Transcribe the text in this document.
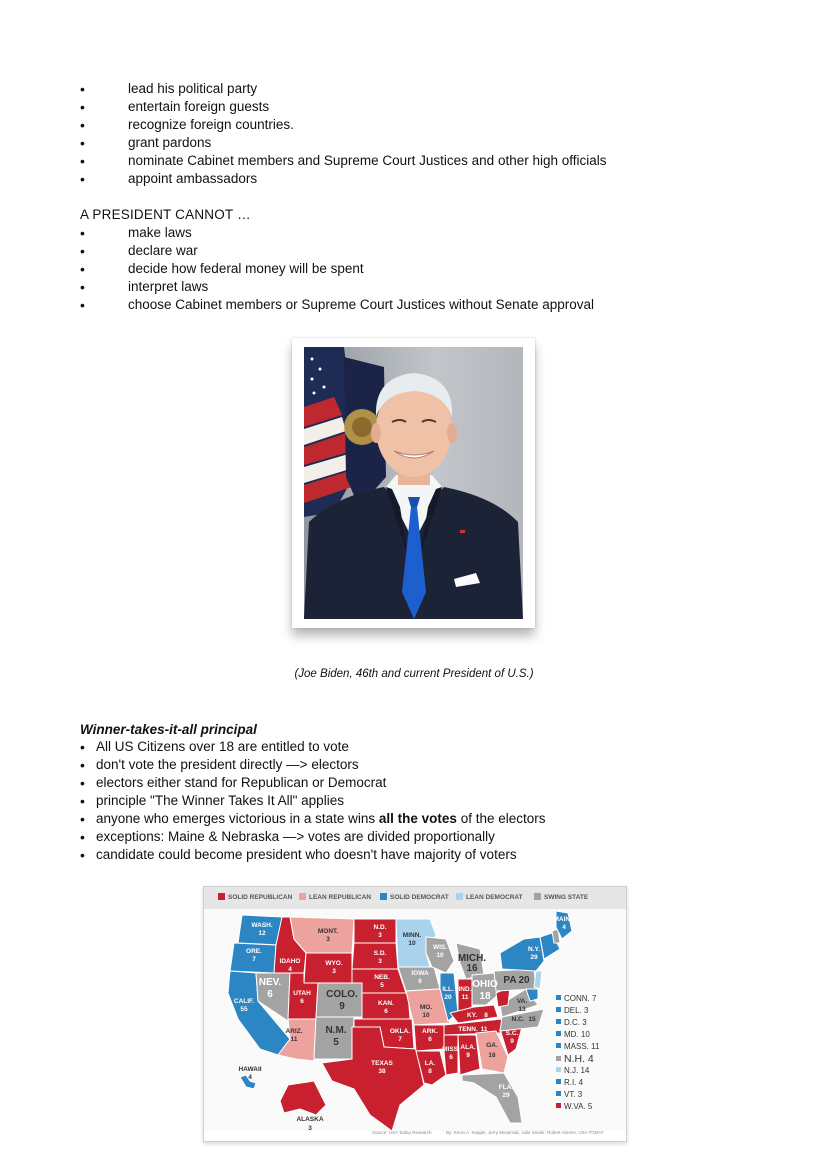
• lead his political party
• entertain foreign guests
• recognize foreign countries.
• grant pardons
• nominate Cabinet members and Supreme Court Justices and other high officials
• appoint ambassadors
A PRESIDENT CANNOT …
• make laws
• declare war
• decide how federal money will be spent
• interpret laws
• choose Cabinet members or Supreme Court Justices without Senate approval
(Joe Biden, 46th and current President of U.S.)
Winner-takes-it-all principal
• All US Citizens over 18 are entitled to vote
• don't vote the president directly —> electors
• electors either stand for Republican or Democrat
• principle "The Winner Takes It All" applies
• anyone who emerges victorious in a state wins all the votes of the electors
• exceptions: Maine & Nebraska —> votes are divided proportionally
• candidate could become president who doesn't have majority of voters
SOLID REPUBLICAN	LEAN REPUBLICAN	SOLID DEMOCRAT	LEAN DEMOCRAT	SWING STATE
WASH.
12
ORE.
7
CALIF.
55
IDAHO
4
NEV.
6
MONT.
3
WYO.
3
UTAH
6
COLO.
9
ARIZ.
11
N.M.
5
N.D.
3
S.D.
3
NEB.
5
KAN.
6
OKLA.
7
TEXAS
38
MINN.
10
IOWA
6
MO.
10
ARK.
6
LA.
8
WIS.
10
ILL.
20
MICH.
16
IND.
11
OHIO
18
KY. 8
TENN. 11
MISS.
6
ALA.
9
GA.
16
FLA.
29
S.C.
9
N.C. 15
VA.
13
PA 20
N.Y.
29
MAINE
4
HAWAII
4
ALASKA
3
CONN. 7
DEL. 3
D.C. 3
MD. 10
MASS. 11
N.H. 4
N.J. 14
R.I. 4
VT. 3
W.VA. 5
Source: USA Today Research	By: Kevin A. Kepple, Jerry Mosemak, Julie Snider, Robert Ahrens, USA TODAY
